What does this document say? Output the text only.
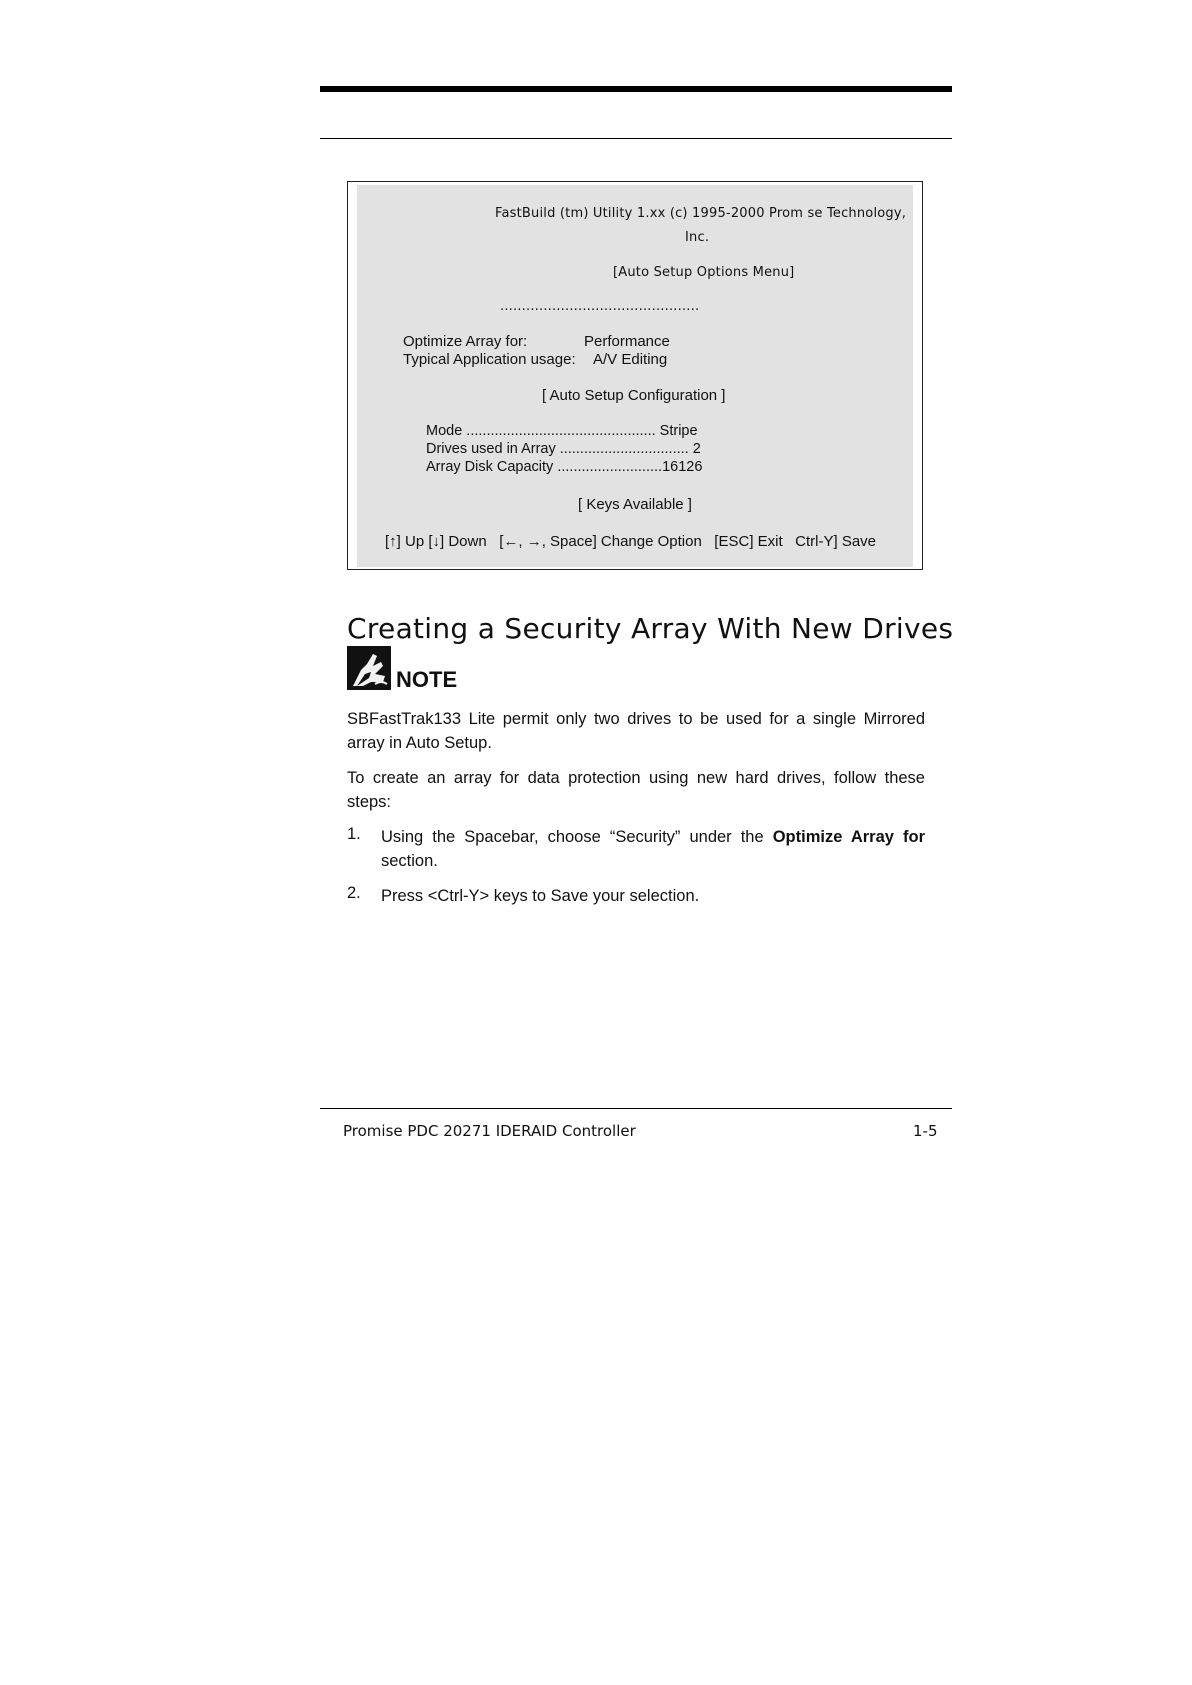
FastBuild (tm) Utility 1.xx (c) 1995-2000 Prom se Technology,
Inc.
[Auto Setup Options Menu]
..............................................
Optimize Array for:	Performance
Typical Application usage: A/V Editing
[ Auto Setup Configuration ]
Mode ............................................... Stripe
Drives used in Array ................................ 2
Array Disk Capacity ..........................16126
[ Keys Available ]
[↑] Up [↓] Down   [←, →, Space] Change Option   [ESC] Exit   Ctrl-Y] Save
Creating a Security Array With New Drives
NOTE
SBFastTrak133 Lite permit only two drives to be used for a single Mirrored array in Auto Setup.
To create an array for data protection using new hard drives, follow these steps:
1. Using the Spacebar, choose “Security” under the Optimize Array for section.
2. Press <Ctrl-Y> keys to Save your selection.
Promise PDC 20271 IDERAID Controller	1-5
